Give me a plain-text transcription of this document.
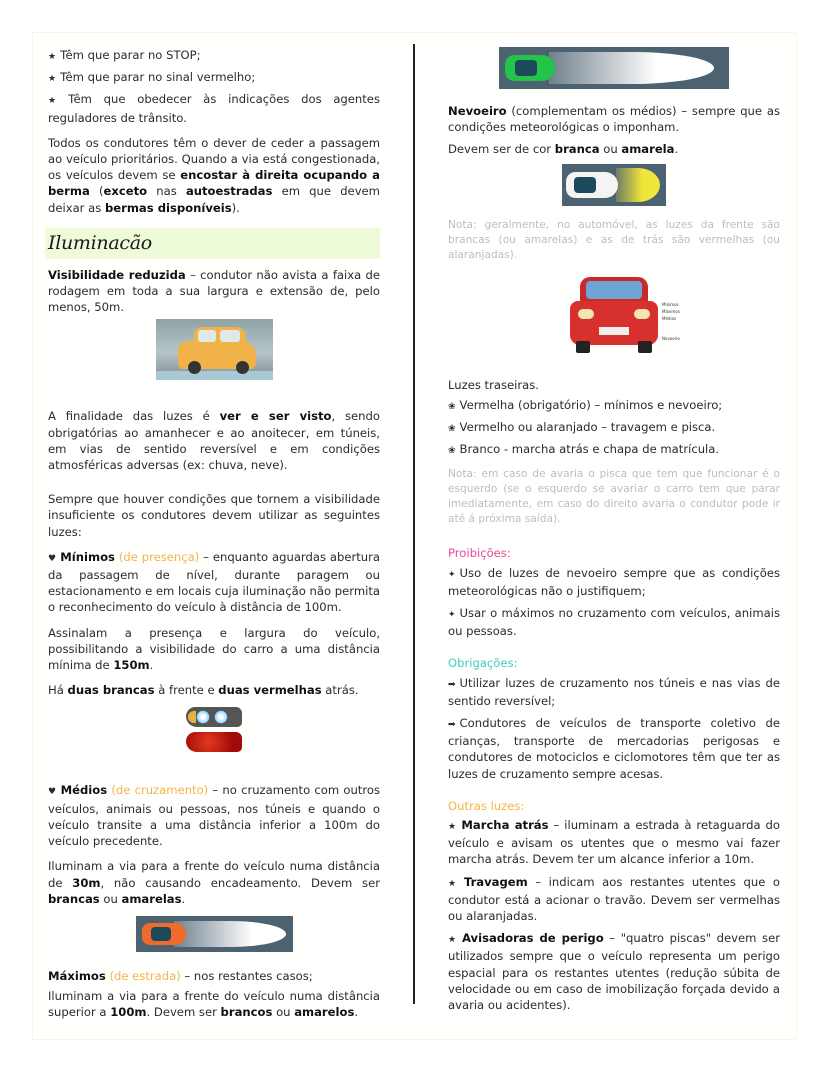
★ Têm que parar no STOP;

★ Têm que parar no sinal vermelho;

★ Têm que obedecer às indicações dos agentes reguladores de trânsito.

Todos os condutores têm o dever de ceder a passagem ao veículo prioritários. Quando a via está congestionada, os veículos devem se encostar à direita ocupando a berma (exceto nas autoestradas em que devem deixar as bermas disponíveis).

Iluminacão

Visibilidade reduzida – condutor não avista a faixa de rodagem em toda a sua largura e extensão de, pelo menos, 50m.

A finalidade das luzes é ver e ser visto, sendo obrigatórias ao amanhecer e ao anoitecer, em túneis, em vias de sentido reversível e em condições atmosféricas adversas (ex: chuva, neve).

Sempre que houver condições que tornem a visibilidade insuficiente os condutores devem utilizar as seguintes luzes:

♥ Mínimos (de presença) – enquanto aguardas abertura da passagem de nível, durante paragem ou estacionamento e em locais cuja iluminação não permita o reconhecimento do veículo à distância de 100m.

Assinalam a presença e largura do veículo, possibilitando a visibilidade do carro a uma distância mínima de 150m.

Há duas brancas à frente e duas vermelhas atrás.

♥ Médios (de cruzamento) – no cruzamento com outros veículos, animais ou pessoas, nos túneis e quando o veículo transite a uma distância inferior a 100m do veículo precedente.

Iluminam a via para a frente do veículo numa distância de 30m, não causando encadeamento. Devem ser brancas ou amarelas.

Máximos (de estrada) – nos restantes casos;

Iluminam a via para a frente do veículo numa distância superior a 100m. Devem ser brancos ou amarelos.

Nevoeiro (complementam os médios) – sempre que as condições meteorológicas o imponham.

Devem ser de cor branca ou amarela.

Nota: geralmente, no automóvel, as luzes da frente são brancas (ou amarelas) e as de trás são vermelhas (ou alaranjadas).

Mínimos
Máximos
Médios
Nevoeiro

Luzes traseiras.

❀ Vermelha (obrigatório) – mínimos e nevoeiro;

❀ Vermelho ou alaranjado – travagem e pisca.

❀ Branco - marcha atrás e chapa de matrícula.

Nota: em caso de avaria o pisca que tem que funcionar é o esquerdo (se o esquerdo se avariar o carro tem que parar imediatamente, em caso do direito avaria o condutor pode ir até á próxima saída).

Proibições:

✦ Uso de luzes de nevoeiro sempre que as condições meteorológicas não o justifiquem;

✦ Usar o máximos no cruzamento com veículos, animais ou pessoas.

Obrigações:

➡ Utilizar luzes de cruzamento nos túneis e nas vias de sentido reversível;

➡ Condutores de veículos de transporte coletivo de crianças, transporte de mercadorias perigosas e condutores de motociclos e ciclomotores têm que ter as luzes de cruzamento sempre acesas.

Outras luzes:

★ Marcha atrás – iluminam a estrada à retaguarda do veículo e avisam os utentes que o mesmo vai fazer marcha atrás. Devem ter um alcance inferior a 10m.

★ Travagem – indicam aos restantes utentes que o condutor está a acionar o travão. Devem ser vermelhas ou alaranjadas.

★ Avisadoras de perigo – "quatro piscas" devem ser utilizados sempre que o veículo representa um perigo espacial para os restantes utentes (redução súbita de velocidade ou em caso de imobilização forçada devido a avaria ou acidentes).
